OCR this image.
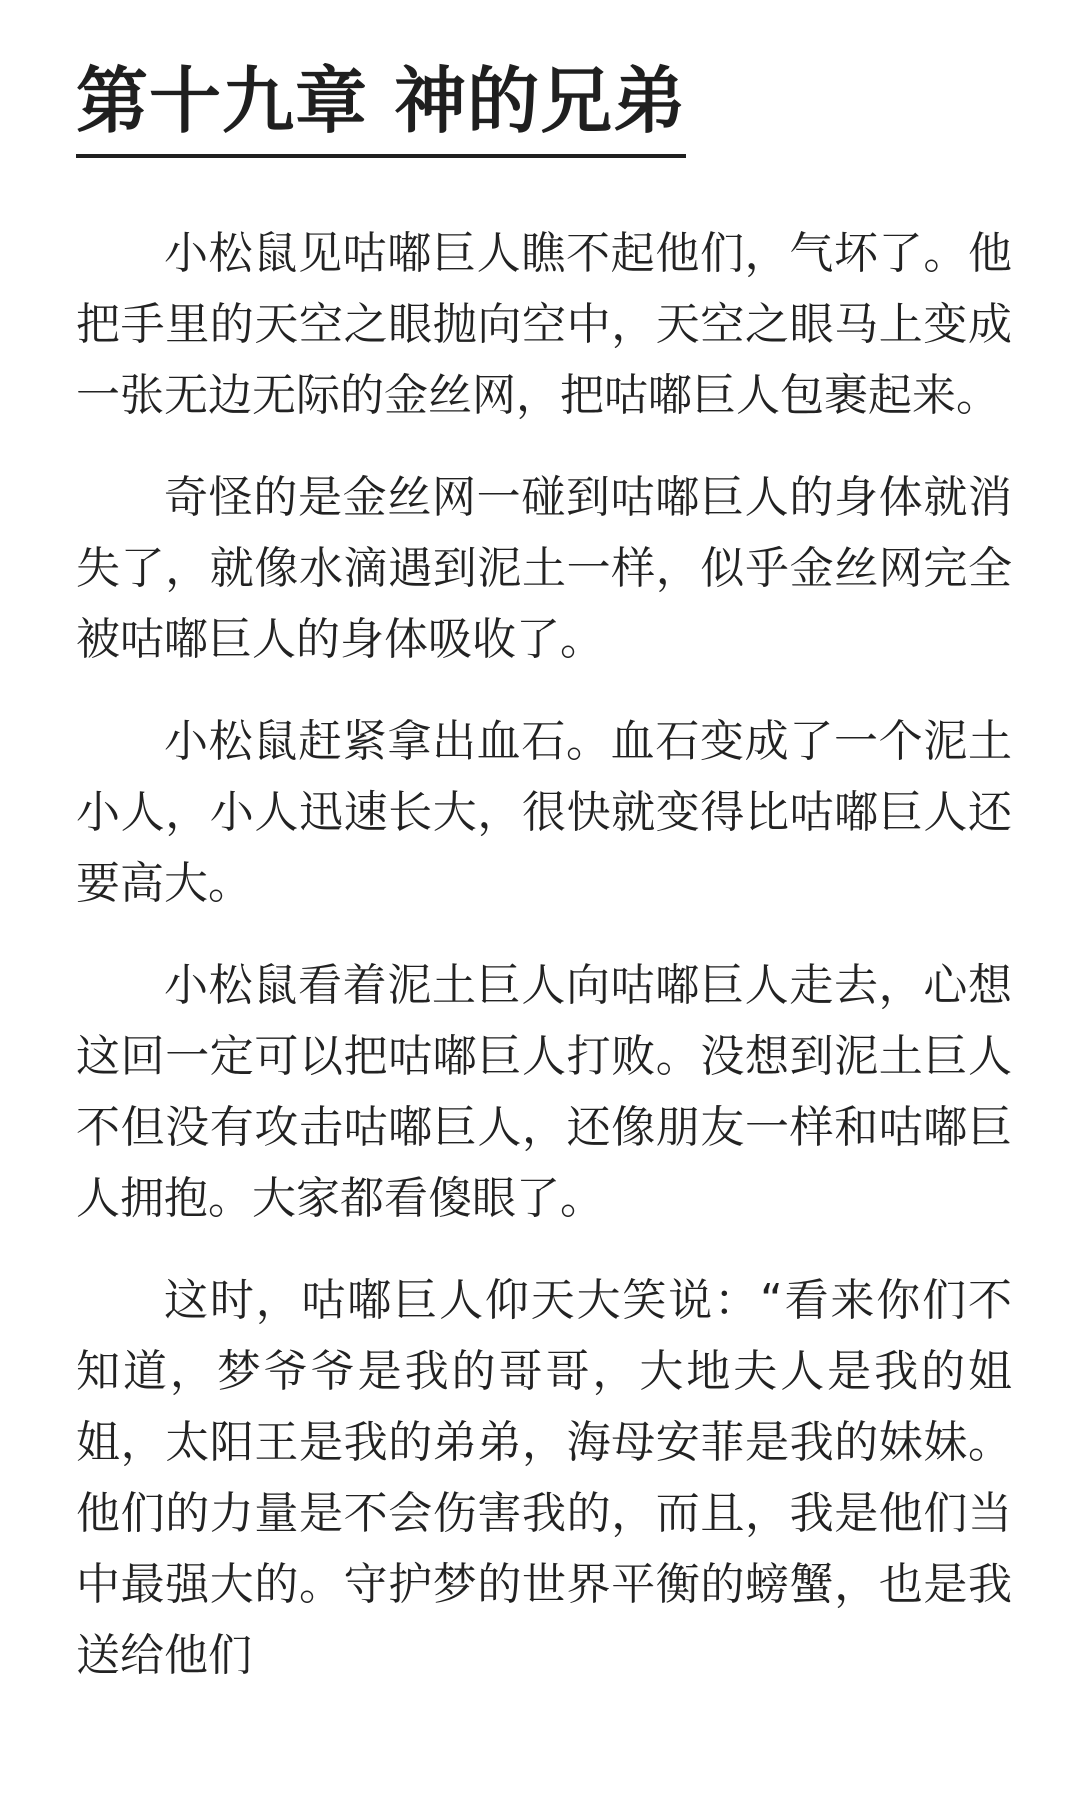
第十九章 神的兄弟

小松鼠见咕嘟巨人瞧不起他们，气坏了。他把手里的天空之眼抛向空中，天空之眼马上变成一张无边无际的金丝网，把咕嘟巨人包裹起来。

奇怪的是金丝网一碰到咕嘟巨人的身体就消失了，就像水滴遇到泥土一样，似乎金丝网完全被咕嘟巨人的身体吸收了。

小松鼠赶紧拿出血石。血石变成了一个泥土小人，小人迅速长大，很快就变得比咕嘟巨人还要高大。

小松鼠看着泥土巨人向咕嘟巨人走去，心想这回一定可以把咕嘟巨人打败。没想到泥土巨人不但没有攻击咕嘟巨人，还像朋友一样和咕嘟巨人拥抱。大家都看傻眼了。

这时，咕嘟巨人仰天大笑说：“看来你们不知道，梦爷爷是我的哥哥，大地夫人是我的姐姐，太阳王是我的弟弟，海母安菲是我的妹妹。他们的力量是不会伤害我的，而且，我是他们当中最强大的。守护梦的世界平衡的螃蟹，也是我送给他们
